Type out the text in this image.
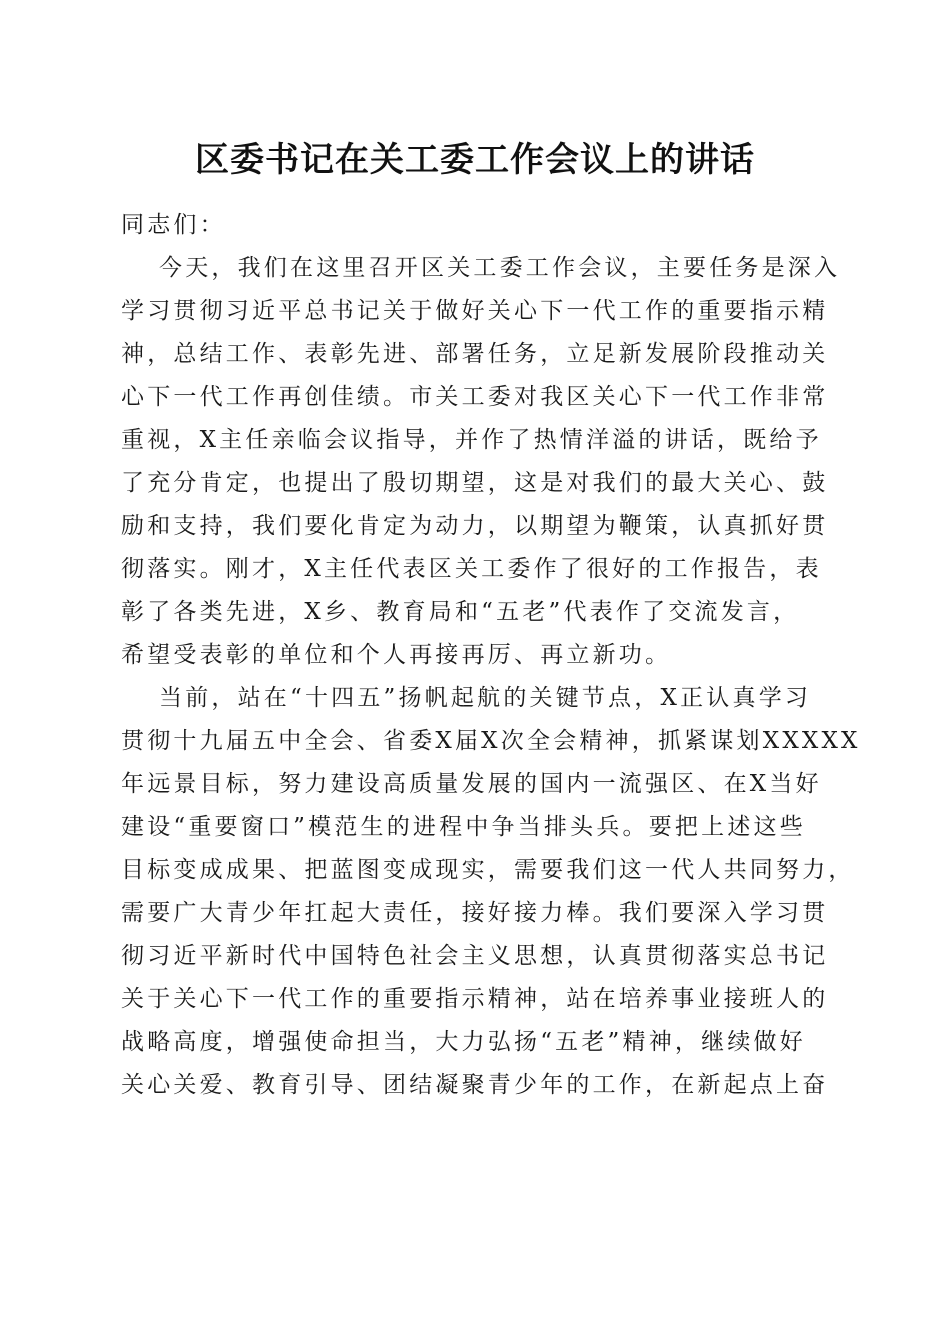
区委书记在关工委工作会议上的讲话
同志们：
今天，我们在这里召开区关工委工作会议，主要任务是深入
学习贯彻习近平总书记关于做好关心下一代工作的重要指示精
神，总结工作、表彰先进、部署任务，立足新发展阶段推动关
心下一代工作再创佳绩。市关工委对我区关心下一代工作非常
重视，X主任亲临会议指导，并作了热情洋溢的讲话，既给予
了充分肯定，也提出了殷切期望，这是对我们的最大关心、鼓
励和支持，我们要化肯定为动力，以期望为鞭策，认真抓好贯
彻落实。刚才，X主任代表区关工委作了很好的工作报告，表
彰了各类先进，X乡、教育局和“五老”代表作了交流发言，
希望受表彰的单位和个人再接再厉、再立新功。
当前，站在“十四五”扬帆起航的关键节点，X正认真学习
贯彻十九届五中全会、省委X届X次全会精神，抓紧谋划XXXXX
年远景目标，努力建设高质量发展的国内一流强区、在X当好
建设“重要窗口”模范生的进程中争当排头兵。要把上述这些
目标变成成果、把蓝图变成现实，需要我们这一代人共同努力，
需要广大青少年扛起大责任，接好接力棒。我们要深入学习贯
彻习近平新时代中国特色社会主义思想，认真贯彻落实总书记
关于关心下一代工作的重要指示精神，站在培养事业接班人的
战略高度，增强使命担当，大力弘扬“五老”精神，继续做好
关心关爱、教育引导、团结凝聚青少年的工作，在新起点上奋
